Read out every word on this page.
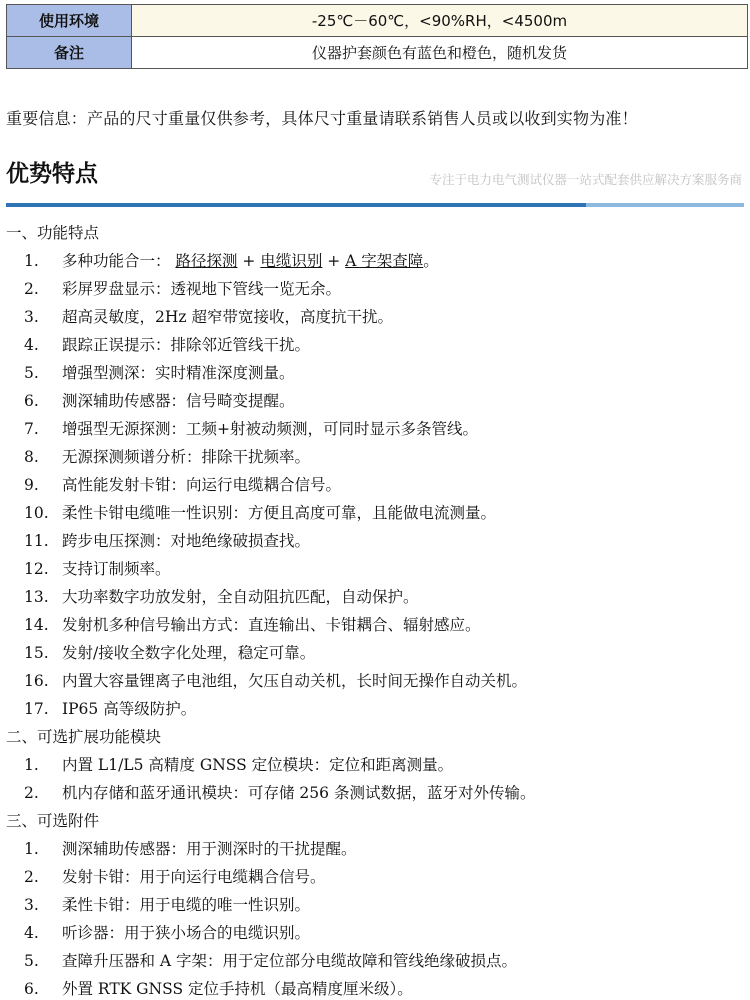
使用环境	-25℃－60℃，<90%RH，<4500m
备注	仪器护套颜色有蓝色和橙色，随机发货
重要信息：产品的尺寸重量仅供参考，具体尺寸重量请联系销售人员或以收到实物为准！
优势特点	专注于电力电气测试仪器一站式配套供应解决方案服务商
一、功能特点
1.	多种功能合一： 路径探测 + 电缆识别 + A 字架查障。
2.	彩屏罗盘显示：透视地下管线一览无余。
3.	超高灵敏度，2Hz 超窄带宽接收，高度抗干扰。
4.	跟踪正误提示：排除邻近管线干扰。
5.	增强型测深：实时精准深度测量。
6.	测深辅助传感器：信号畸变提醒。
7.	增强型无源探测：工频+射被动频测，可同时显示多条管线。
8.	无源探测频谱分析：排除干扰频率。
9.	高性能发射卡钳：向运行电缆耦合信号。
10. 柔性卡钳电缆唯一性识别：方便且高度可靠，且能做电流测量。
11. 跨步电压探测：对地绝缘破损查找。
12. 支持订制频率。
13. 大功率数字功放发射，全自动阻抗匹配，自动保护。
14. 发射机多种信号输出方式：直连输出、卡钳耦合、辐射感应。
15. 发射/接收全数字化处理，稳定可靠。
16. 内置大容量锂离子电池组，欠压自动关机，长时间无操作自动关机。
17. IP65 高等级防护。
二、可选扩展功能模块
1.	内置 L1/L5 高精度 GNSS 定位模块：定位和距离测量。
2.	机内存储和蓝牙通讯模块：可存储 256 条测试数据，蓝牙对外传输。
三、可选附件
1.	测深辅助传感器：用于测深时的干扰提醒。
2.	发射卡钳：用于向运行电缆耦合信号。
3.	柔性卡钳：用于电缆的唯一性识别。
4.	听诊器：用于狭小场合的电缆识别。
5.	查障升压器和 A 字架：用于定位部分电缆故障和管线绝缘破损点。
6.	外置 RTK GNSS 定位手持机（最高精度厘米级）。
